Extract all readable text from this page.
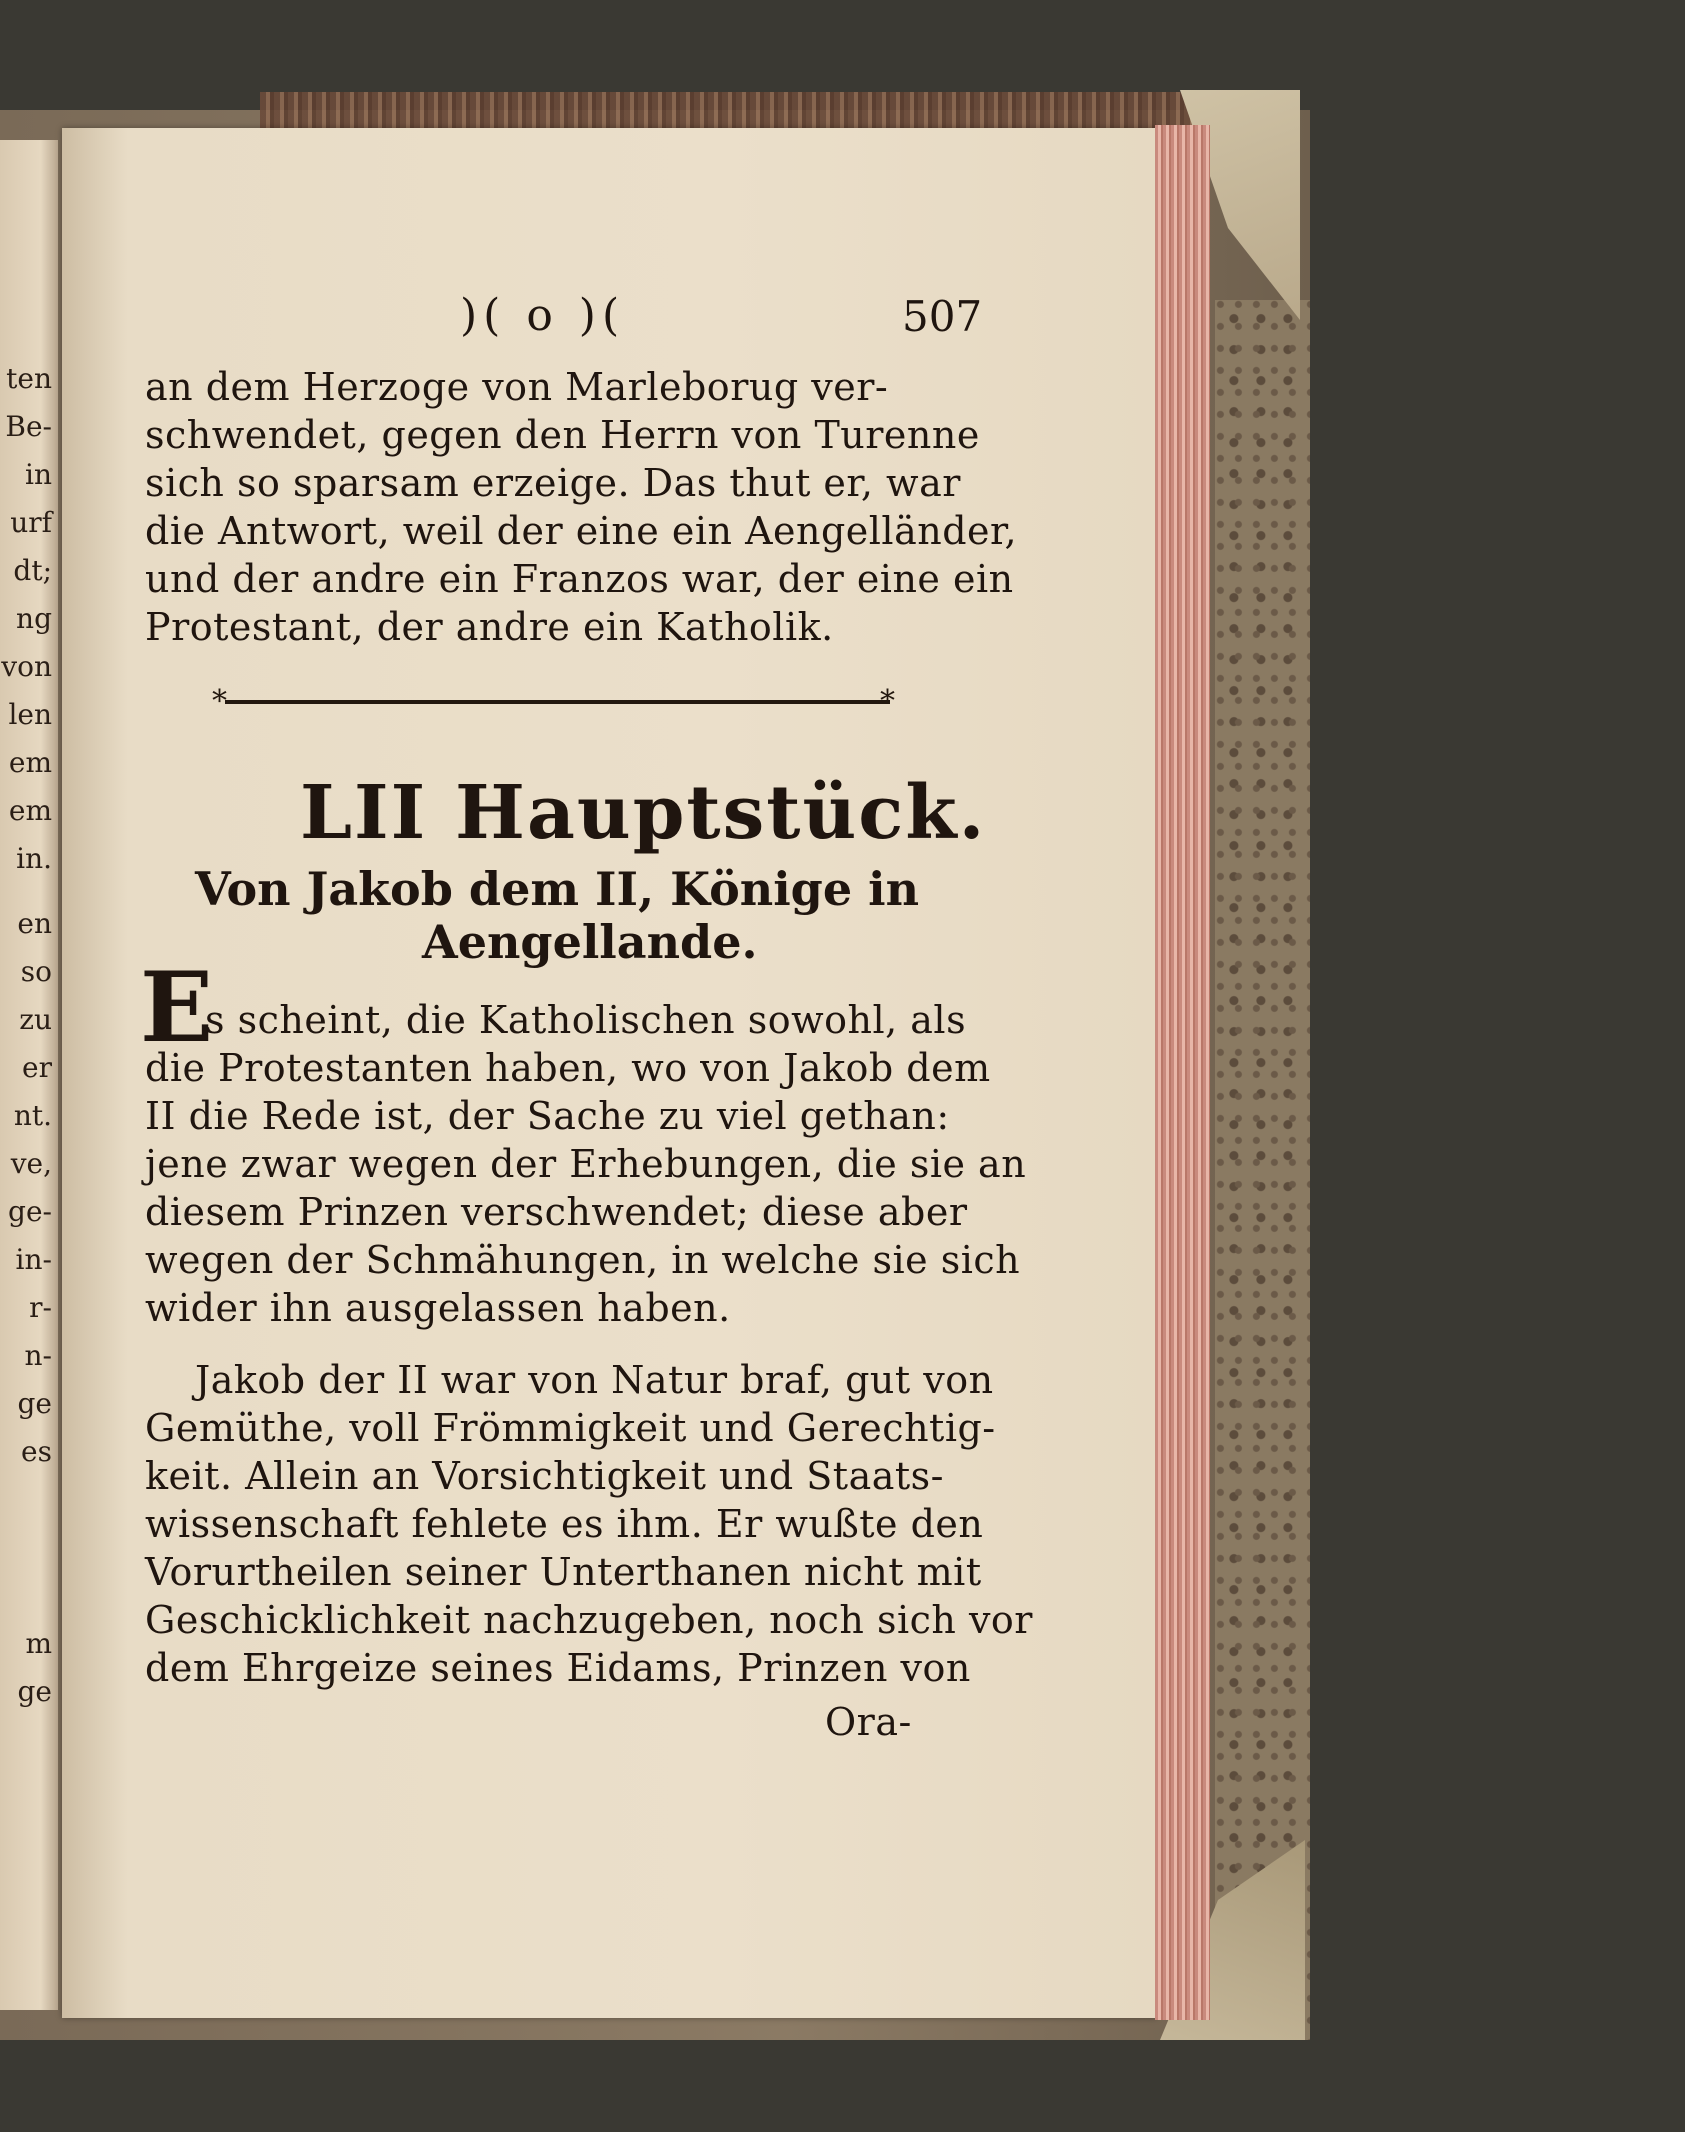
ten
Be-
in
urf
dt;
ng
von
len
em
em
in.
en
so
zu
er
nt.
ve,
ge-
in-
r-
n-
ge
es
m
ge
)( o )(	507
an dem Herzoge von Marleborug ver-
schwendet, gegen den Herrn von Turenne
sich so sparsam erzeige. Das thut er, war
die Antwort, weil der eine ein Aengelländer,
und der andre ein Franzos war, der eine ein
Protestant, der andre ein Katholik.
*	*
LII Hauptstück.
Von Jakob dem II, Könige in
Aengellande.
E
s scheint, die Katholischen sowohl, als
die Protestanten haben, wo von Jakob dem
II die Rede ist, der Sache zu viel gethan:
jene zwar wegen der Erhebungen, die sie an
diesem Prinzen verschwendet; diese aber
wegen der Schmähungen, in welche sie sich
wider ihn ausgelassen haben.
Jakob der II war von Natur braf, gut von
Gemüthe, voll Frömmigkeit und Gerechtig-
keit. Allein an Vorsichtigkeit und Staats-
wissenschaft fehlete es ihm. Er wußte den
Vorurtheilen seiner Unterthanen nicht mit
Geschicklichkeit nachzugeben, noch sich vor
dem Ehrgeize seines Eidams, Prinzen von
Ora-
